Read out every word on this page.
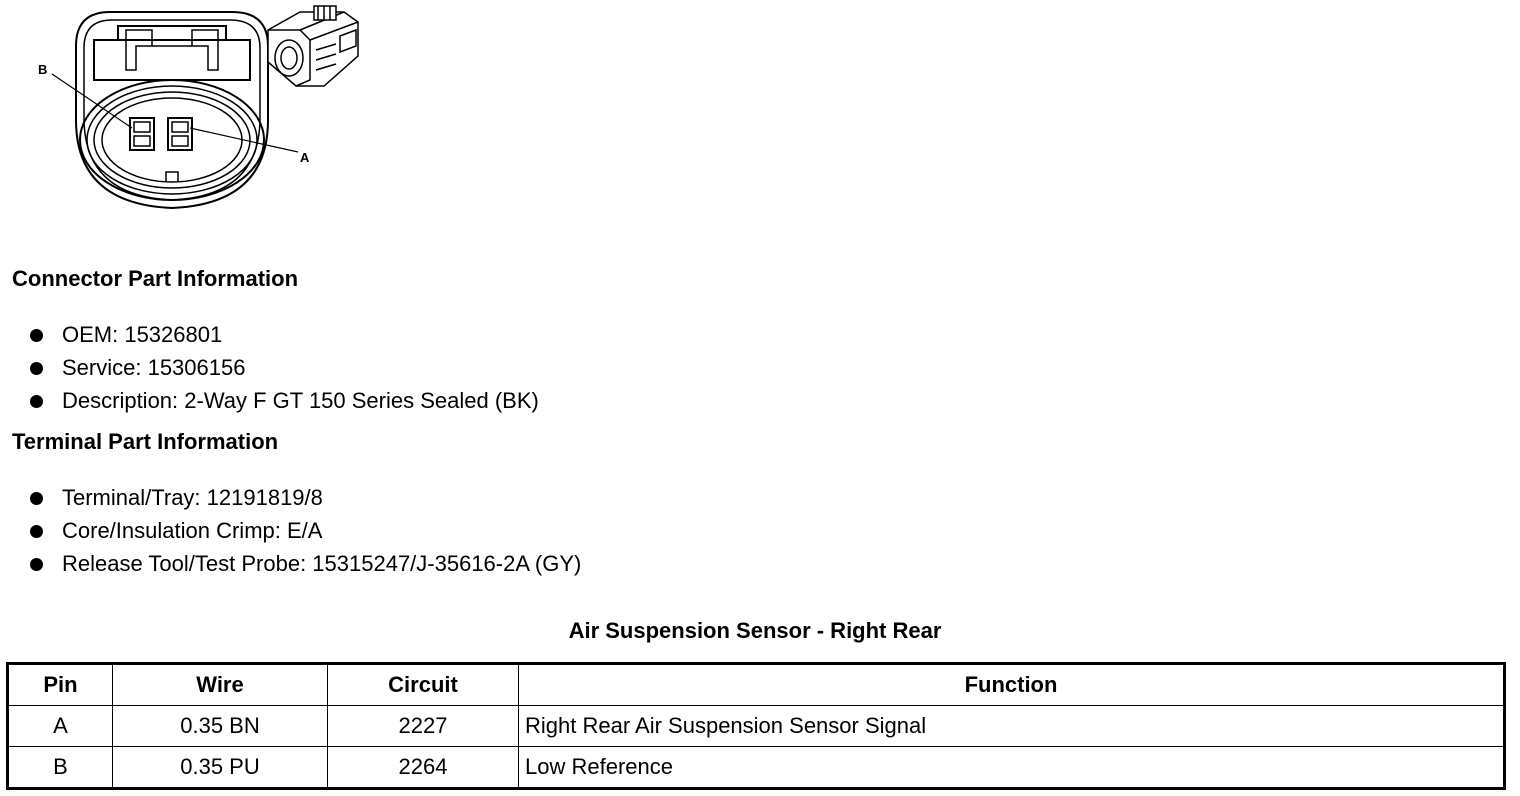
B
A
Connector Part Information
OEM: 15326801
Service: 15306156
Description: 2-Way F GT 150 Series Sealed (BK)
Terminal Part Information
Terminal/Tray: 12191819/8
Core/Insulation Crimp: E/A
Release Tool/Test Probe: 15315247/J-35616-2A (GY)
Air Suspension Sensor - Right Rear
Pin	Wire	Circuit	Function
A	0.35 BN	2227	Right Rear Air Suspension Sensor Signal
B	0.35 PU	2264	Low Reference
